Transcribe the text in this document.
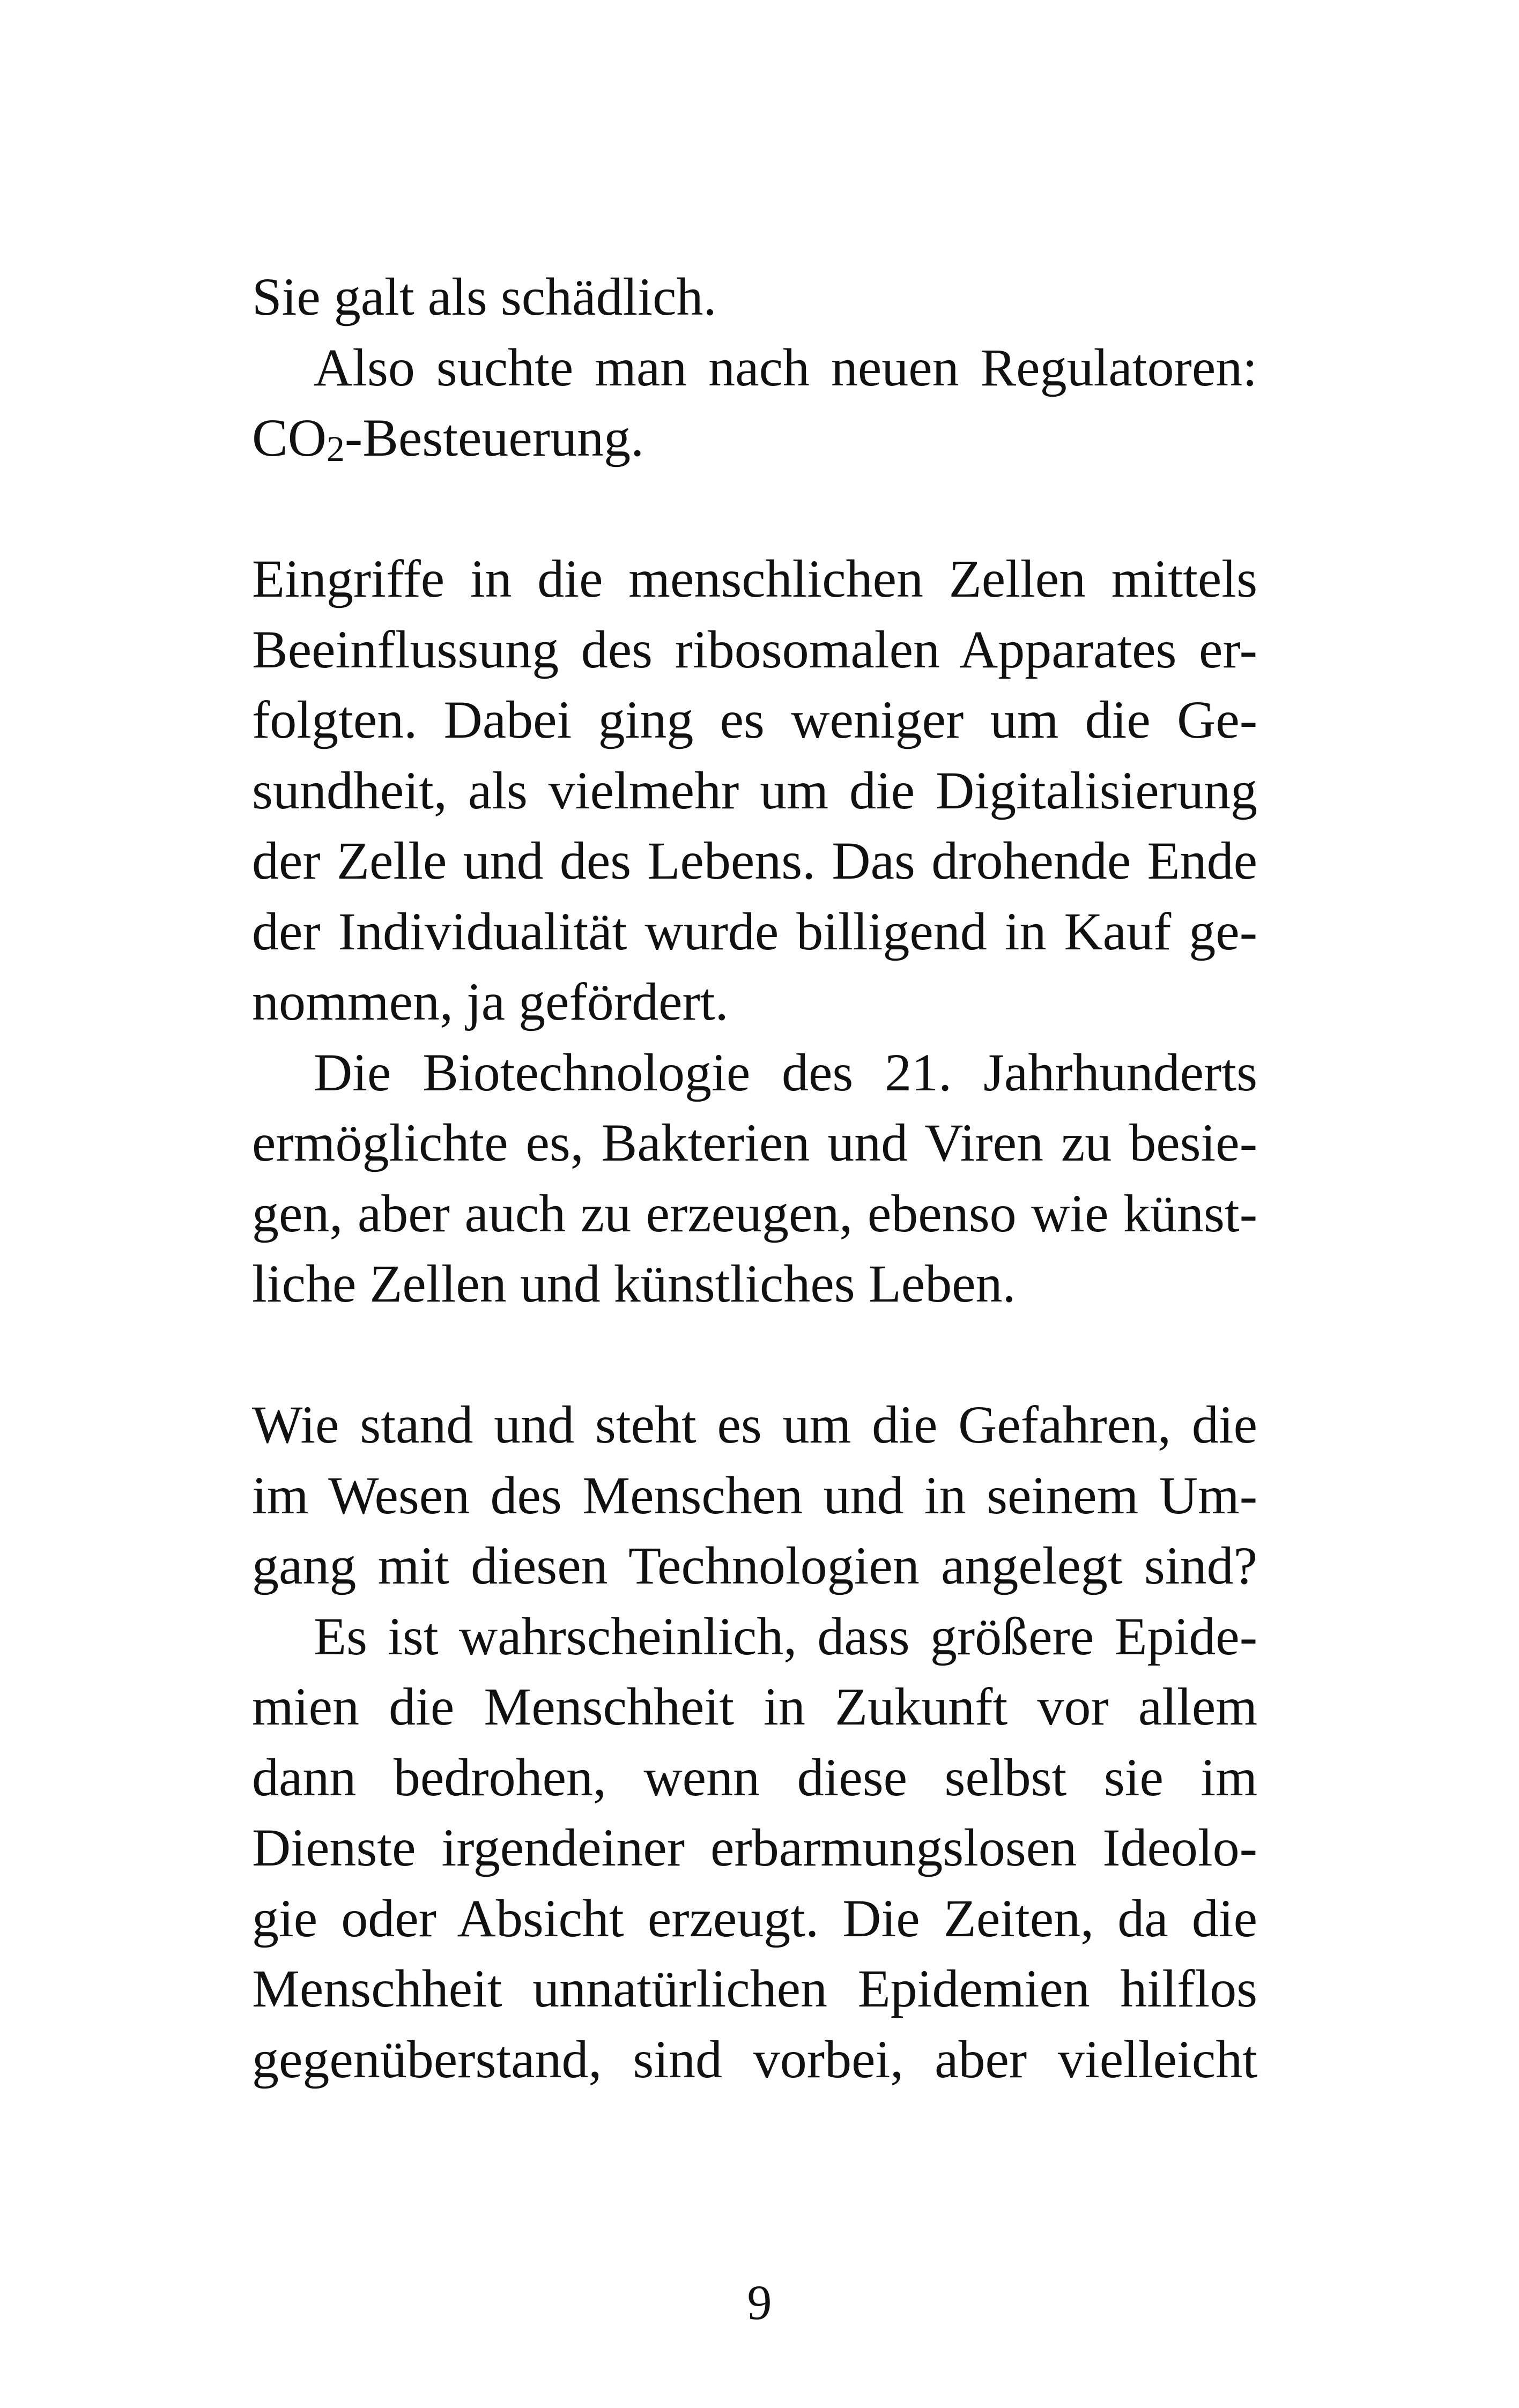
Sie galt als schädlich.
Also suchte man nach neuen Regulatoren:
CO2-Besteuerung.
Eingriffe in die menschlichen Zellen mittels
Beeinflussung des ribosomalen Apparates er-
folgten. Dabei ging es weniger um die Ge-
sundheit, als vielmehr um die Digitalisierung
der Zelle und des Lebens. Das drohende Ende
der Individualität wurde billigend in Kauf ge-
nommen, ja gefördert.
Die Biotechnologie des 21. Jahrhunderts
ermöglichte es, Bakterien und Viren zu besie-
gen, aber auch zu erzeugen, ebenso wie künst-
liche Zellen und künstliches Leben.
Wie stand und steht es um die Gefahren, die
im Wesen des Menschen und in seinem Um-
gang mit diesen Technologien angelegt sind?
Es ist wahrscheinlich, dass größere Epide-
mien die Menschheit in Zukunft vor allem
dann bedrohen, wenn diese selbst sie im
Dienste irgendeiner erbarmungslosen Ideolo-
gie oder Absicht erzeugt. Die Zeiten, da die
Menschheit unnatürlichen Epidemien hilflos
gegenüberstand, sind vorbei, aber vielleicht
9
